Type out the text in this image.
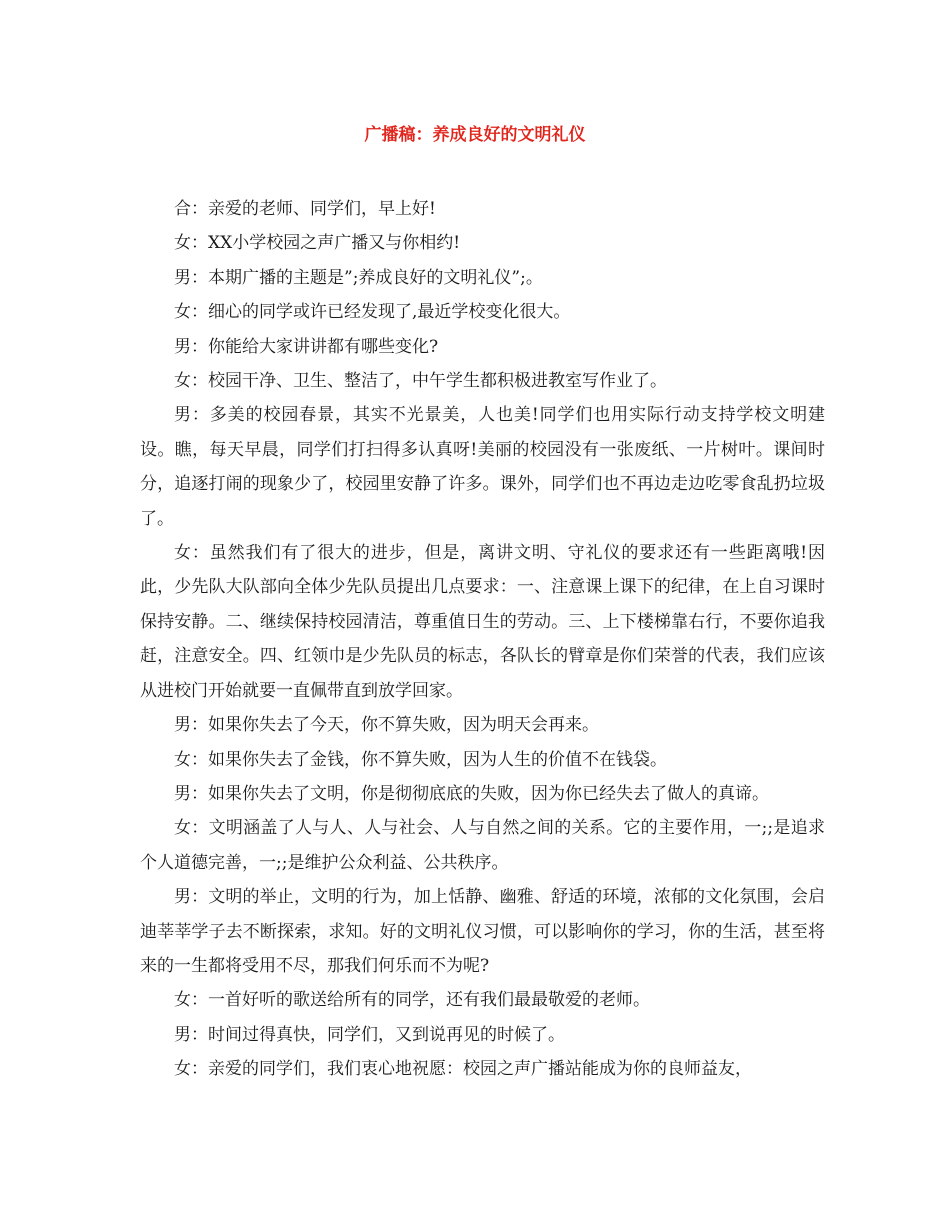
广播稿：养成良好的文明礼仪

合：亲爱的老师、同学们，早上好!

女：XX小学校园之声广播又与你相约!

男：本期广播的主题是”;养成良好的文明礼仪”;。

女：细心的同学或许已经发现了,最近学校变化很大。

男：你能给大家讲讲都有哪些变化?

女：校园干净、卫生、整洁了，中午学生都积极进教室写作业了。

男：多美的校园春景，其实不光景美，人也美!同学们也用实际行动支持学校文明建设。瞧，每天早晨，同学们打扫得多认真呀!美丽的校园没有一张废纸、一片树叶。课间时分，追逐打闹的现象少了，校园里安静了许多。课外，同学们也不再边走边吃零食乱扔垃圾了。

女：虽然我们有了很大的进步，但是，离讲文明、守礼仪的要求还有一些距离哦!因此，少先队大队部向全体少先队员提出几点要求：一、注意课上课下的纪律，在上自习课时保持安静。二、继续保持校园清洁，尊重值日生的劳动。三、上下楼梯靠右行，不要你追我赶，注意安全。四、红领巾是少先队员的标志，各队长的臂章是你们荣誉的代表，我们应该从进校门开始就要一直佩带直到放学回家。

男：如果你失去了今天，你不算失败，因为明天会再来。

女：如果你失去了金钱，你不算失败，因为人生的价值不在钱袋。

男：如果你失去了文明，你是彻彻底底的失败，因为你已经失去了做人的真谛。

女：文明涵盖了人与人、人与社会、人与自然之间的关系。它的主要作用，一;;是追求个人道德完善，一;;是维护公众利益、公共秩序。

男：文明的举止，文明的行为，加上恬静、幽雅、舒适的环境，浓郁的文化氛围，会启迪莘莘学子去不断探索，求知。好的文明礼仪习惯，可以影响你的学习，你的生活，甚至将来的一生都将受用不尽，那我们何乐而不为呢?

女：一首好听的歌送给所有的同学，还有我们最最敬爱的老师。

男：时间过得真快，同学们，又到说再见的时候了。

女：亲爱的同学们，我们衷心地祝愿：校园之声广播站能成为你的良师益友，
